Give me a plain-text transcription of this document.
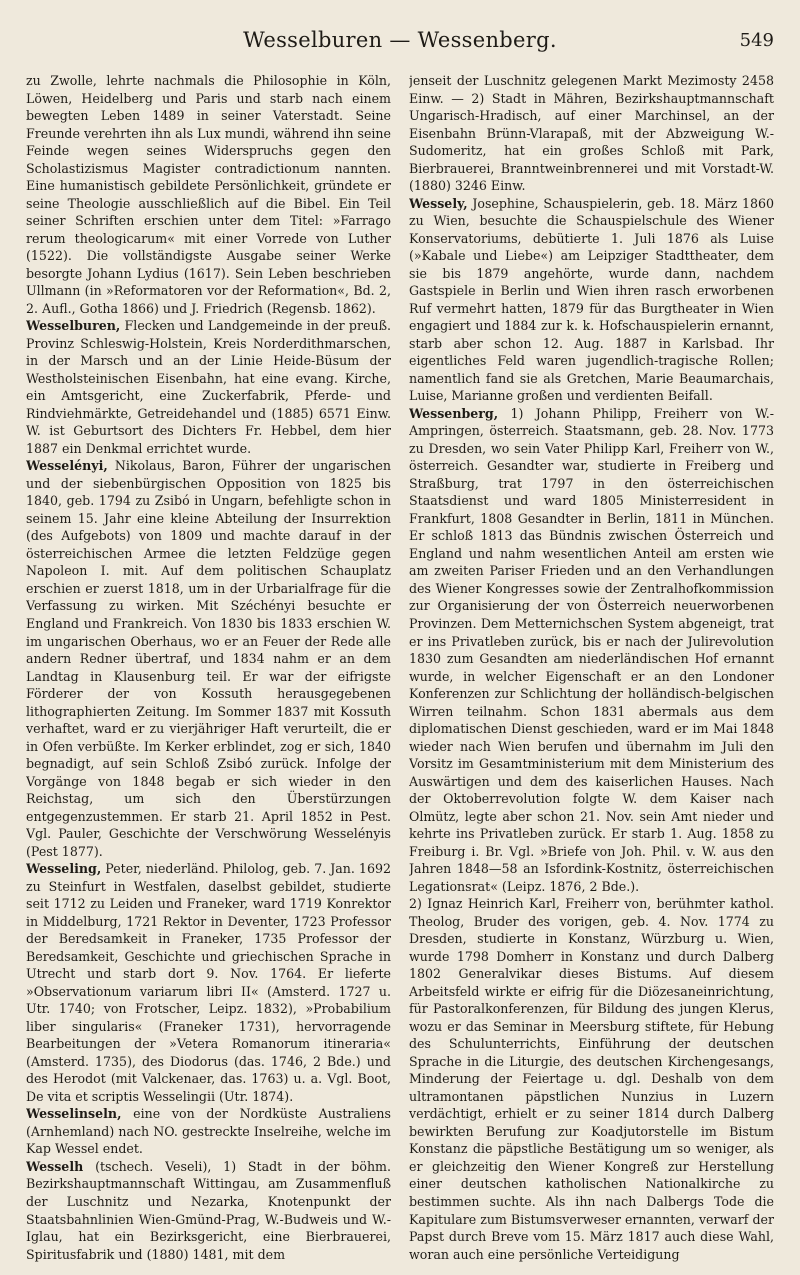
Wesselburen — Wessenberg.	549

zu Zwolle, lehrte nachmals die Philosophie in Köln, Löwen, Heidelberg und Paris und starb nach einem bewegten Leben 1489 in seiner Vaterstadt. Seine Freunde verehrten ihn als Lux mundi, während ihn seine Feinde wegen seines Widerspruchs gegen den Scholastizismus Magister contradictionum nannten. Eine humanistisch gebildete Persönlichkeit, gründete er seine Theologie ausschließlich auf die Bibel. Ein Teil seiner Schriften erschien unter dem Titel: »Farrago rerum theologicarum« mit einer Vorrede von Luther (1522). Die vollständigste Ausgabe seiner Werke besorgte Johann Lydius (1617). Sein Leben beschrieben Ullmann (in »Reformatoren vor der Reformation«, Bd. 2, 2. Aufl., Gotha 1866) und J. Friedrich (Regensb. 1862).

Wesselburen, Flecken und Landgemeinde in der preuß. Provinz Schleswig-Holstein, Kreis Norderdithmarschen, in der Marsch und an der Linie Heide-Büsum der Westholsteinischen Eisenbahn, hat eine evang. Kirche, ein Amtsgericht, eine Zuckerfabrik, Pferde- und Rindviehmärkte, Getreidehandel und (1885) 6571 Einw. W. ist Geburtsort des Dichters Fr. Hebbel, dem hier 1887 ein Denkmal errichtet wurde.

Wesselényi, Nikolaus, Baron, Führer der ungarischen und der siebenbürgischen Opposition von 1825 bis 1840, geb. 1794 zu Zsibó in Ungarn, befehligte schon in seinem 15. Jahr eine kleine Abteilung der Insurrektion (des Aufgebots) von 1809 und machte darauf in der österreichischen Armee die letzten Feldzüge gegen Napoleon I. mit. Auf dem politischen Schauplatz erschien er zuerst 1818, um in der Urbarialfrage für die Verfassung zu wirken. Mit Széchényi besuchte er England und Frankreich. Von 1830 bis 1833 erschien W. im ungarischen Oberhaus, wo er an Feuer der Rede alle andern Redner übertraf, und 1834 nahm er an dem Landtag in Klausenburg teil. Er war der eifrigste Förderer der von Kossuth herausgegebenen lithographierten Zeitung. Im Sommer 1837 mit Kossuth verhaftet, ward er zu vierjähriger Haft verurteilt, die er in Ofen verbüßte. Im Kerker erblindet, zog er sich, 1840 begnadigt, auf sein Schloß Zsibó zurück. Infolge der Vorgänge von 1848 begab er sich wieder in den Reichstag, um sich den Überstürzungen entgegenzustemmen. Er starb 21. April 1852 in Pest. Vgl. Pauler, Geschichte der Verschwörung Wesselényis (Pest 1877).

Wesseling, Peter, niederländ. Philolog, geb. 7. Jan. 1692 zu Steinfurt in Westfalen, daselbst gebildet, studierte seit 1712 zu Leiden und Franeker, ward 1719 Konrektor in Middelburg, 1721 Rektor in Deventer, 1723 Professor der Beredsamkeit in Franeker, 1735 Professor der Beredsamkeit, Geschichte und griechischen Sprache in Utrecht und starb dort 9. Nov. 1764. Er lieferte »Observationum variarum libri II« (Amsterd. 1727 u. Utr. 1740; von Frotscher, Leipz. 1832), »Probabilium liber singularis« (Franeker 1731), hervorragende Bearbeitungen der »Vetera Romanorum itineraria« (Amsterd. 1735), des Diodorus (das. 1746, 2 Bde.) und des Herodot (mit Valckenaer, das. 1763) u. a. Vgl. Boot, De vita et scriptis Wesselingii (Utr. 1874).

Wesselinseln, eine von der Nordküste Australiens (Arnhemland) nach NO. gestreckte Inselreihe, welche im Kap Wessel endet.

Wesselh (tschech. Veseli), 1) Stadt in der böhm. Bezirkshauptmannschaft Wittingau, am Zusammenfluß der Luschnitz und Nezarka, Knotenpunkt der Staatsbahnlinien Wien-Gmünd-Prag, W.-Budweis und W.-Iglau, hat ein Bezirksgericht, eine Bierbrauerei, Spiritusfabrik und (1880) 1481, mit dem

jenseit der Luschnitz gelegenen Markt Mezimosty 2458 Einw. — 2) Stadt in Mähren, Bezirkshauptmannschaft Ungarisch-Hradisch, auf einer Marchinsel, an der Eisenbahn Brünn-Vlarapaß, mit der Abzweigung W.-Sudomeritz, hat ein großes Schloß mit Park, Bierbrauerei, Branntweinbrennerei und mit Vorstadt-W. (1880) 3246 Einw.

Wessely, Josephine, Schauspielerin, geb. 18. März 1860 zu Wien, besuchte die Schauspielschule des Wiener Konservatoriums, debütierte 1. Juli 1876 als Luise (»Kabale und Liebe«) am Leipziger Stadttheater, dem sie bis 1879 angehörte, wurde dann, nachdem Gastspiele in Berlin und Wien ihren rasch erworbenen Ruf vermehrt hatten, 1879 für das Burgtheater in Wien engagiert und 1884 zur k. k. Hofschauspielerin ernannt, starb aber schon 12. Aug. 1887 in Karlsbad. Ihr eigentliches Feld waren jugendlich-tragische Rollen; namentlich fand sie als Gretchen, Marie Beaumarchais, Luise, Marianne großen und verdienten Beifall.

Wessenberg, 1) Johann Philipp, Freiherr von W.-Ampringen, österreich. Staatsmann, geb. 28. Nov. 1773 zu Dresden, wo sein Vater Philipp Karl, Freiherr von W., österreich. Gesandter war, studierte in Freiberg und Straßburg, trat 1797 in den österreichischen Staatsdienst und ward 1805 Ministerresident in Frankfurt, 1808 Gesandter in Berlin, 1811 in München. Er schloß 1813 das Bündnis zwischen Österreich und England und nahm wesentlichen Anteil am ersten wie am zweiten Pariser Frieden und an den Verhandlungen des Wiener Kongresses sowie der Zentralhofkommission zur Organisierung der von Österreich neuerworbenen Provinzen. Dem Metternichschen System abgeneigt, trat er ins Privatleben zurück, bis er nach der Julirevolution 1830 zum Gesandten am niederländischen Hof ernannt wurde, in welcher Eigenschaft er an den Londoner Konferenzen zur Schlichtung der holländisch-belgischen Wirren teilnahm. Schon 1831 abermals aus dem diplomatischen Dienst geschieden, ward er im Mai 1848 wieder nach Wien berufen und übernahm im Juli den Vorsitz im Gesamtministerium mit dem Ministerium des Auswärtigen und dem des kaiserlichen Hauses. Nach der Oktoberrevolution folgte W. dem Kaiser nach Olmütz, legte aber schon 21. Nov. sein Amt nieder und kehrte ins Privatleben zurück. Er starb 1. Aug. 1858 zu Freiburg i. Br. Vgl. »Briefe von Joh. Phil. v. W. aus den Jahren 1848—58 an Isfordink-Kostnitz, österreichischen Legationsrat« (Leipz. 1876, 2 Bde.).

2) Ignaz Heinrich Karl, Freiherr von, berühmter kathol. Theolog, Bruder des vorigen, geb. 4. Nov. 1774 zu Dresden, studierte in Konstanz, Würzburg u. Wien, wurde 1798 Domherr in Konstanz und durch Dalberg 1802 Generalvikar dieses Bistums. Auf diesem Arbeitsfeld wirkte er eifrig für die Diözesaneinrichtung, für Pastoralkonferenzen, für Bildung des jungen Klerus, wozu er das Seminar in Meersburg stiftete, für Hebung des Schulunterrichts, Einführung der deutschen Sprache in die Liturgie, des deutschen Kirchengesangs, Minderung der Feiertage u. dgl. Deshalb von dem ultramontanen päpstlichen Nunzius in Luzern verdächtigt, erhielt er zu seiner 1814 durch Dalberg bewirkten Berufung zur Koadjutorstelle im Bistum Konstanz die päpstliche Bestätigung um so weniger, als er gleichzeitig den Wiener Kongreß zur Herstellung einer deutschen katholischen Nationalkirche zu bestimmen suchte. Als ihn nach Dalbergs Tode die Kapitulare zum Bistumsverweser ernannten, verwarf der Papst durch Breve vom 15. März 1817 auch diese Wahl, woran auch eine persönliche Verteidigung
